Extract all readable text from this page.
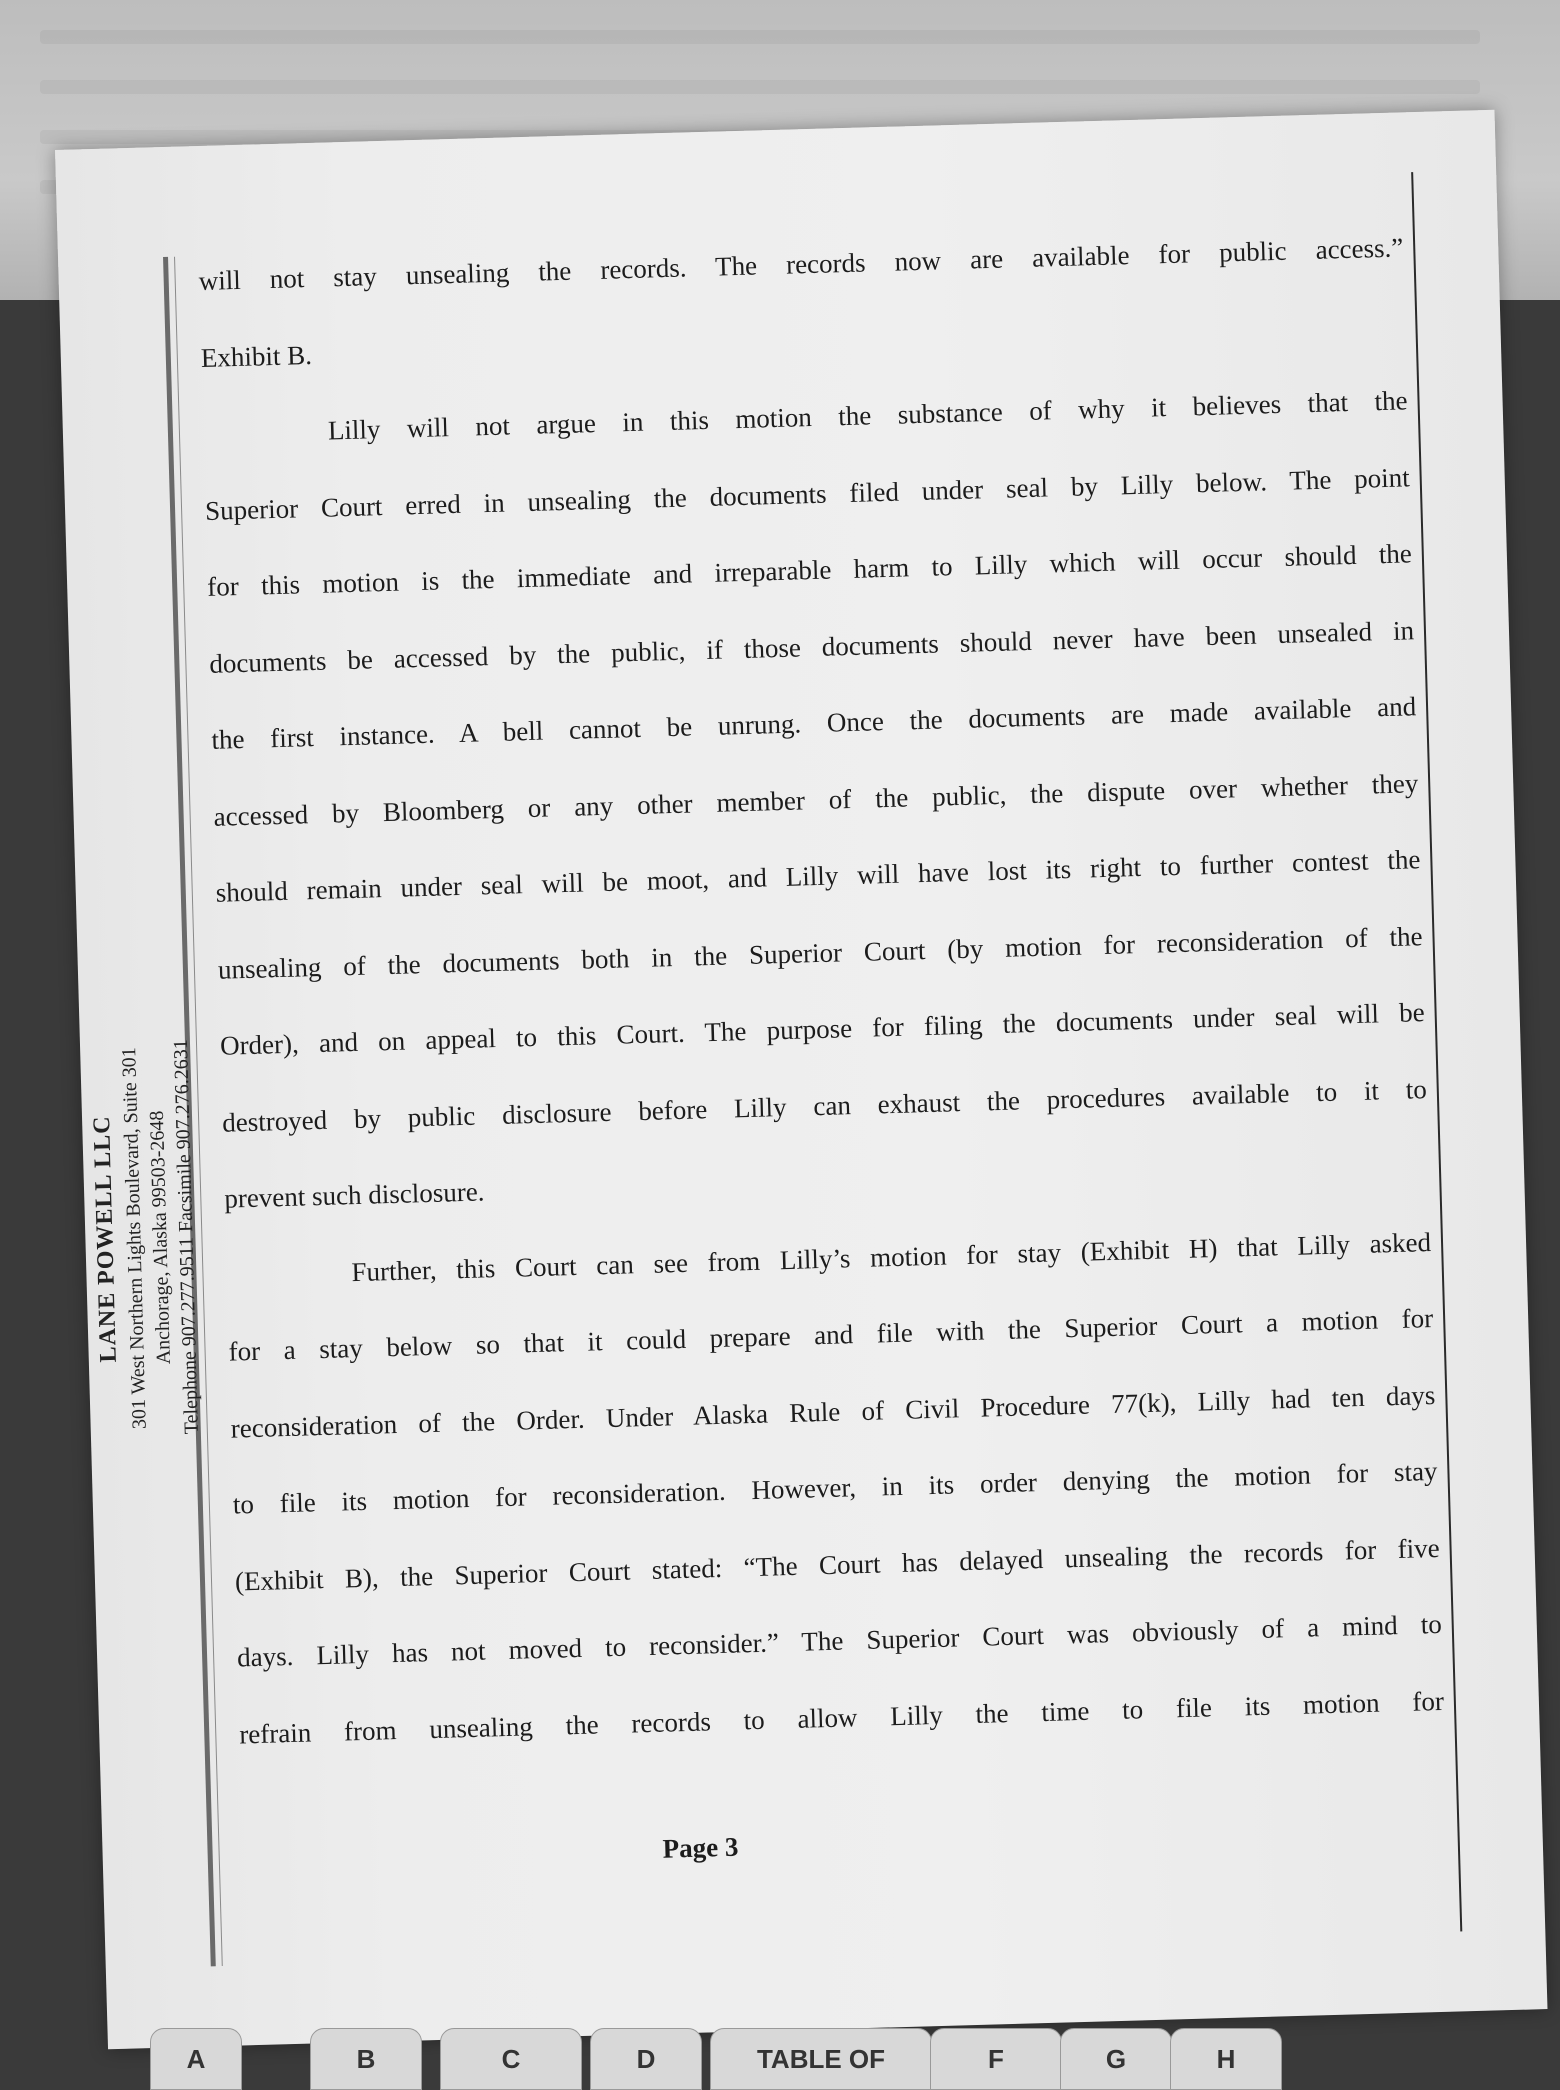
LANE POWELL LLC
301 West Northern Lights Boulevard, Suite 301
Anchorage, Alaska 99503-2648
Telephone 907.277.9511 Facsimile 907.276.2631
will not stay unsealing the records. The records now are available for public access.”
Exhibit B.
Lilly will not argue in this motion the substance of why it believes that the
Superior Court erred in unsealing the documents filed under seal by Lilly below. The point
for this motion is the immediate and irreparable harm to Lilly which will occur should the
documents be accessed by the public, if those documents should never have been unsealed in
the first instance. A bell cannot be unrung. Once the documents are made available and
accessed by Bloomberg or any other member of the public, the dispute over whether they
should remain under seal will be moot, and Lilly will have lost its right to further contest the
unsealing of the documents both in the Superior Court (by motion for reconsideration of the
Order), and on appeal to this Court. The purpose for filing the documents under seal will be
destroyed by public disclosure before Lilly can exhaust the procedures available to it to
prevent such disclosure.
Further, this Court can see from Lilly’s motion for stay (Exhibit H) that Lilly asked
for a stay below so that it could prepare and file with the Superior Court a motion for
reconsideration of the Order. Under Alaska Rule of Civil Procedure 77(k), Lilly had ten days
to file its motion for reconsideration. However, in its order denying the motion for stay
(Exhibit B), the Superior Court stated: “The Court has delayed unsealing the records for five
days. Lilly has not moved to reconsider.” The Superior Court was obviously of a mind to
refrain from unsealing the records to allow Lilly the time to file its motion for
Page 3
A	B	C	D	TABLE OF	F	G	H
